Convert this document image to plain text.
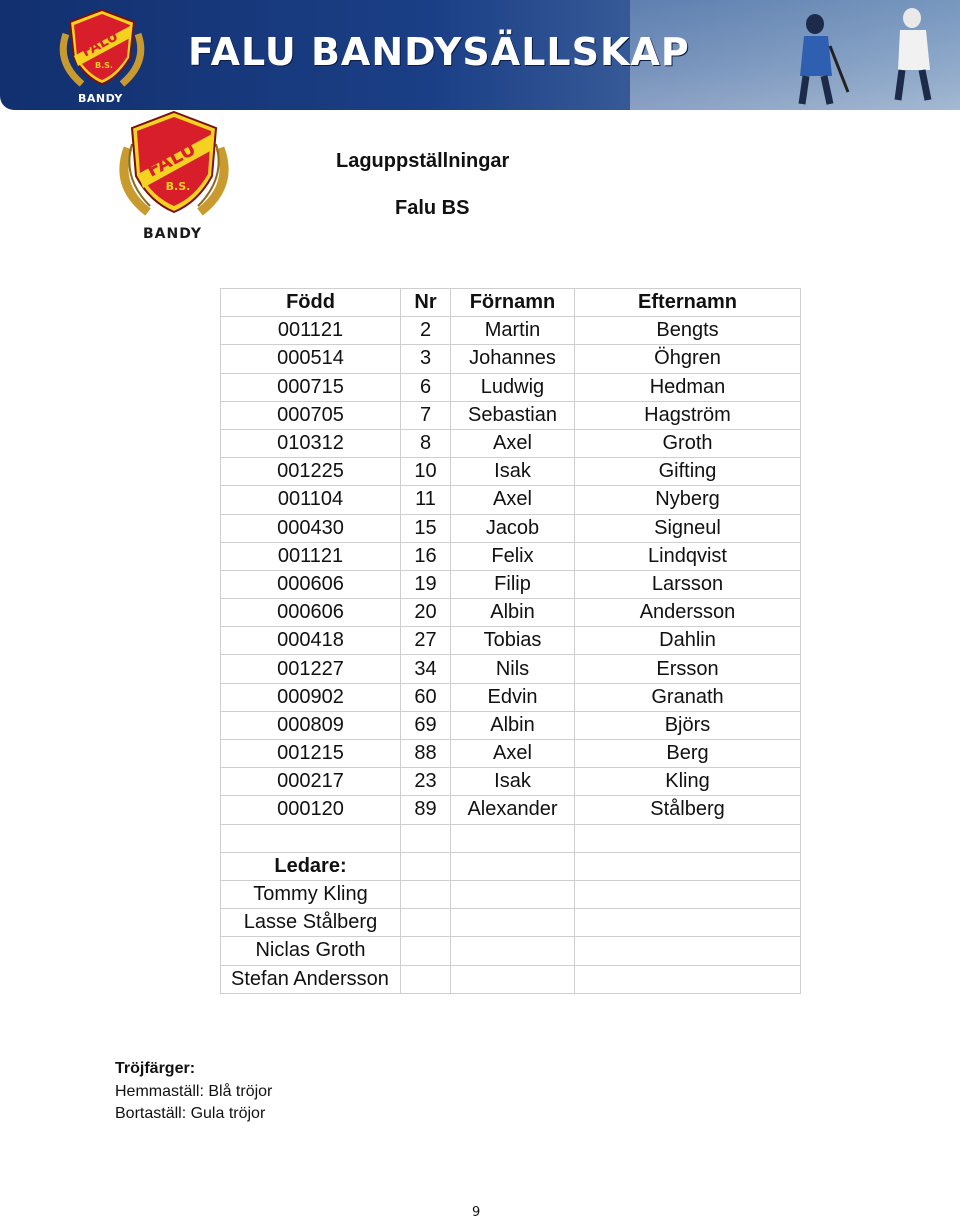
FALU
B.S.
BANDY
FALU BANDYSÄLLSKAP
FALU
B.S.
BANDY
Laguppställningar
Falu BS
Född	Nr	Förnamn	Efternamn
001121	2	Martin	Bengts
000514	3	Johannes	Öhgren
000715	6	Ludwig	Hedman
000705	7	Sebastian	Hagström
010312	8	Axel	Groth
001225	10	Isak	Gifting
001104	11	Axel	Nyberg
000430	15	Jacob	Signeul
001121	16	Felix	Lindqvist
000606	19	Filip	Larsson
000606	20	Albin	Andersson
000418	27	Tobias	Dahlin
001227	34	Nils	Ersson
000902	60	Edvin	Granath
000809	69	Albin	Björs
001215	88	Axel	Berg
000217	23	Isak	Kling
000120	89	Alexander	Stålberg

Ledare:			
Tommy Kling			
Lasse Stålberg			
Niclas Groth			
Stefan Andersson			
Tröjfärger:
Hemmaställ: Blå tröjor
Bortaställ: Gula tröjor
9
